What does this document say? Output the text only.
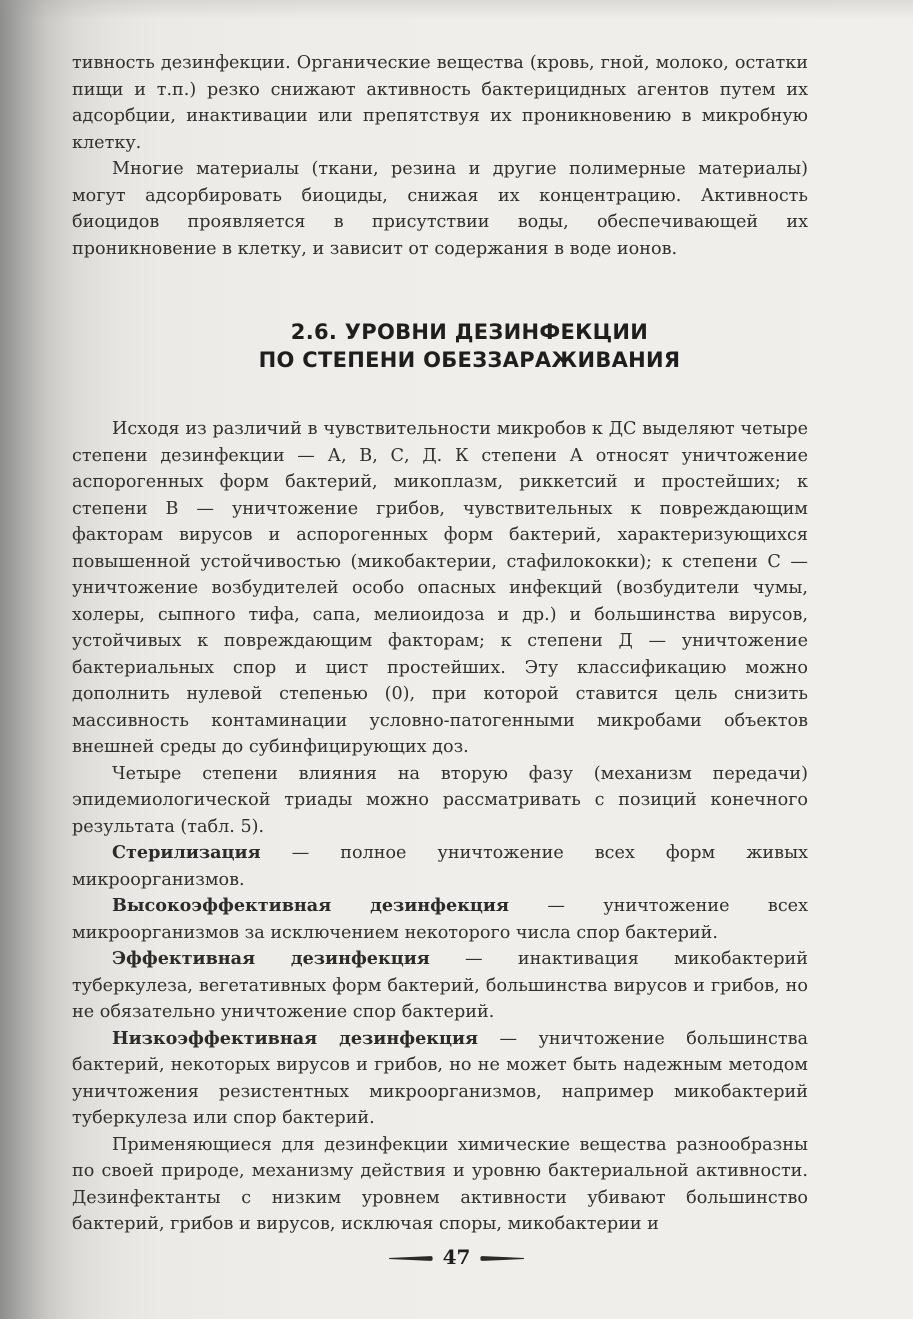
тивность дезинфекции. Органические вещества (кровь, гной, молоко, остатки пищи и т.п.) резко снижают активность бактерицидных агентов путем их адсорбции, инактивации или препятствуя их проникновению в микробную клетку.

Многие материалы (ткани, резина и другие полимерные материалы) могут адсорбировать биоциды, снижая их концентрацию. Активность биоцидов проявляется в присутствии воды, обеспечивающей их проникновение в клетку, и зависит от содержания в воде ионов.

2.6. УРОВНИ ДЕЗИНФЕКЦИИ
ПО СТЕПЕНИ ОБЕЗЗАРАЖИВАНИЯ

Исходя из различий в чувствительности микробов к ДС выделяют четыре степени дезинфекции — А, В, С, Д. К степени А относят уничтожение аспорогенных форм бактерий, микоплазм, риккетсий и простейших; к степени В — уничтожение грибов, чувствительных к повреждающим факторам вирусов и аспорогенных форм бактерий, характеризующихся повышенной устойчивостью (микобактерии, стафилококки); к степени С — уничтожение возбудителей особо опасных инфекций (возбудители чумы, холеры, сыпного тифа, сапа, мелиоидоза и др.) и большинства вирусов, устойчивых к повреждающим факторам; к степени Д — уничтожение бактериальных спор и цист простейших. Эту классификацию можно дополнить нулевой степенью (0), при которой ставится цель снизить массивность контаминации условно-патогенными микробами объектов внешней среды до субинфицирующих доз.

Четыре степени влияния на вторую фазу (механизм передачи) эпидемиологической триады можно рассматривать с позиций конечного результата (табл. 5).

Стерилизация — полное уничтожение всех форм живых микроорганизмов.

Высокоэффективная дезинфекция — уничтожение всех микроорганизмов за исключением некоторого числа спор бактерий.

Эффективная дезинфекция — инактивация микобактерий туберкулеза, вегетативных форм бактерий, большинства вирусов и грибов, но не обязательно уничтожение спор бактерий.

Низкоэффективная дезинфекция — уничтожение большинства бактерий, некоторых вирусов и грибов, но не может быть надежным методом уничтожения резистентных микроорганизмов, например микобактерий туберкулеза или спор бактерий.

Применяющиеся для дезинфекции химические вещества разнообразны по своей природе, механизму действия и уровню бактериальной активности. Дезинфектанты с низким уровнем активности убивают большинство бактерий, грибов и вирусов, исключая споры, микобактерии и

47
